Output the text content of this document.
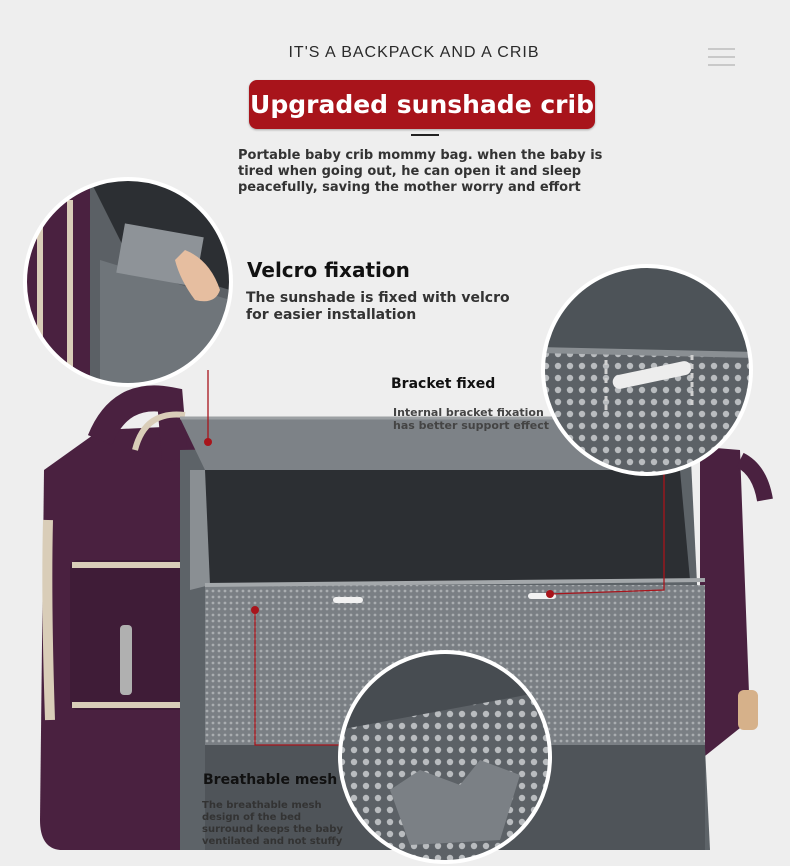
IT'S A BACKPACK AND A CRIB
Upgraded sunshade crib
Portable baby crib mommy bag. when the baby is tired when going out, he can open it and sleep peacefully, saving the mother worry and effort
Velcro fixation
The sunshade is fixed with velcro for easier installation
Bracket fixed
Internal bracket fixation has better support effect
Breathable mesh
The breathable mesh design of the bed surround keeps the baby ventilated and not stuffy
